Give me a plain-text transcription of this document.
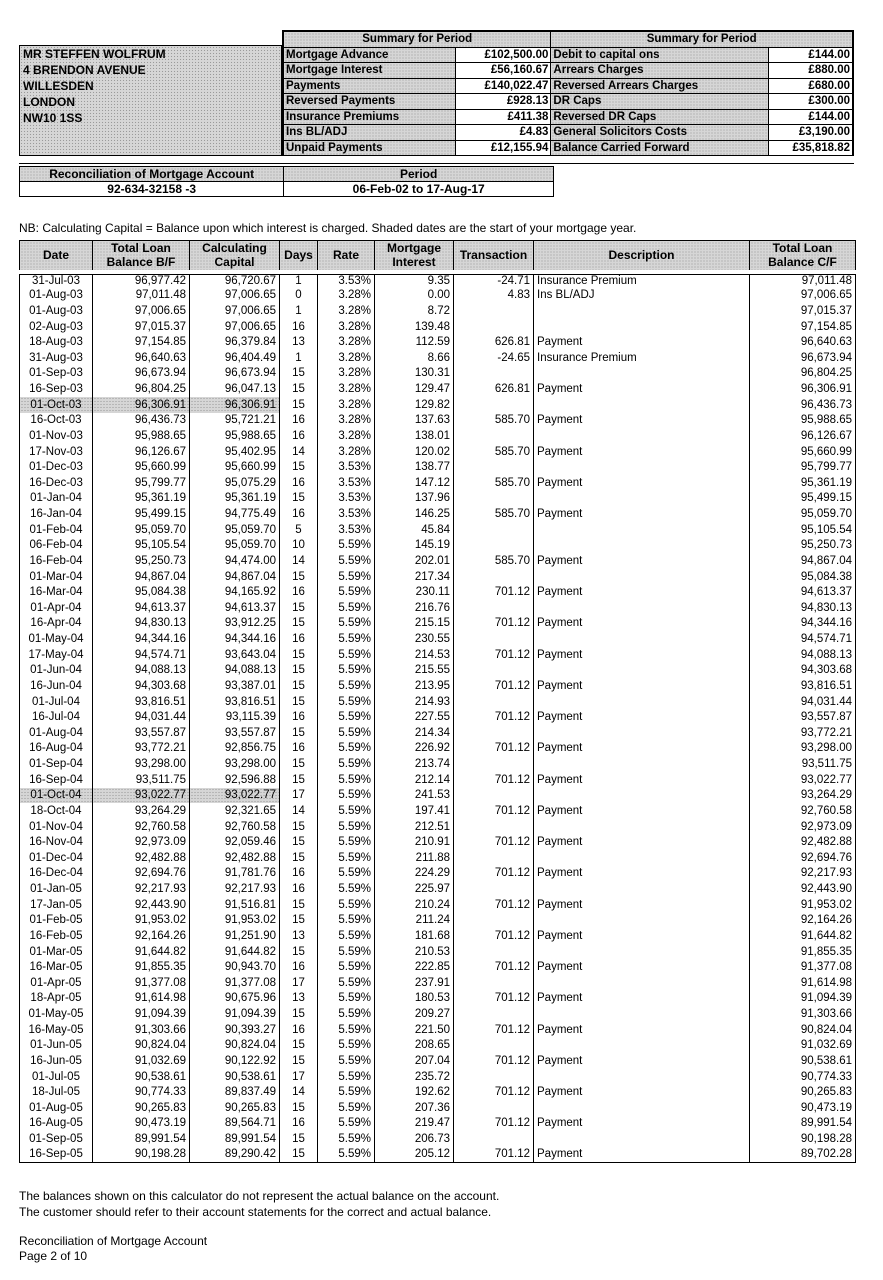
MR STEFFEN WOLFRUM
4 BRENDON AVENUE
WILLESDEN
LONDON
NW10 1SS
Summary for Period		Summary for Period	
Mortgage Advance	£102,500.00	Debit to capital ons	£144.00
Mortgage Interest	£56,160.67	Arrears Charges	£880.00
Payments	£140,022.47	Reversed Arrears Charges	£680.00
Reversed Payments	£928.13	DR Caps	£300.00
Insurance Premiums	£411.38	Reversed DR Caps	£144.00
Ins BL/ADJ	£4.83	General Solicitors Costs	£3,190.00
Unpaid Payments	£12,155.94	Balance Carried Forward	£35,818.82
Reconciliation of Mortgage Account	Period
92-634-32158 -3	06-Feb-02 to 17-Aug-17
NB: Calculating Capital = Balance upon which interest is charged. Shaded dates are the start of your mortgage year.
Date	Total Loan Balance B/F	Calculating Capital	Days	Rate	Mortgage Interest	Transaction	Description	Total Loan Balance C/F
31-Jul-03	96,977.42	96,720.67	1	3.53%	9.35	-24.71	Insurance Premium	97,011.48
01-Aug-03	97,011.48	97,006.65	0	3.28%	0.00	4.83	Ins BL/ADJ	97,006.65
01-Aug-03	97,006.65	97,006.65	1	3.28%	8.72			97,015.37
02-Aug-03	97,015.37	97,006.65	16	3.28%	139.48			97,154.85
18-Aug-03	97,154.85	96,379.84	13	3.28%	112.59	626.81	Payment	96,640.63
31-Aug-03	96,640.63	96,404.49	1	3.28%	8.66	-24.65	Insurance Premium	96,673.94
01-Sep-03	96,673.94	96,673.94	15	3.28%	130.31			96,804.25
16-Sep-03	96,804.25	96,047.13	15	3.28%	129.47	626.81	Payment	96,306.91
01-Oct-03	96,306.91	96,306.91	15	3.28%	129.82			96,436.73
16-Oct-03	96,436.73	95,721.21	16	3.28%	137.63	585.70	Payment	95,988.65
01-Nov-03	95,988.65	95,988.65	16	3.28%	138.01			96,126.67
17-Nov-03	96,126.67	95,402.95	14	3.28%	120.02	585.70	Payment	95,660.99
01-Dec-03	95,660.99	95,660.99	15	3.53%	138.77			95,799.77
16-Dec-03	95,799.77	95,075.29	16	3.53%	147.12	585.70	Payment	95,361.19
01-Jan-04	95,361.19	95,361.19	15	3.53%	137.96			95,499.15
16-Jan-04	95,499.15	94,775.49	16	3.53%	146.25	585.70	Payment	95,059.70
01-Feb-04	95,059.70	95,059.70	5	3.53%	45.84			95,105.54
06-Feb-04	95,105.54	95,059.70	10	5.59%	145.19			95,250.73
16-Feb-04	95,250.73	94,474.00	14	5.59%	202.01	585.70	Payment	94,867.04
01-Mar-04	94,867.04	94,867.04	15	5.59%	217.34			95,084.38
16-Mar-04	95,084.38	94,165.92	16	5.59%	230.11	701.12	Payment	94,613.37
01-Apr-04	94,613.37	94,613.37	15	5.59%	216.76			94,830.13
16-Apr-04	94,830.13	93,912.25	15	5.59%	215.15	701.12	Payment	94,344.16
01-May-04	94,344.16	94,344.16	16	5.59%	230.55			94,574.71
17-May-04	94,574.71	93,643.04	15	5.59%	214.53	701.12	Payment	94,088.13
01-Jun-04	94,088.13	94,088.13	15	5.59%	215.55			94,303.68
16-Jun-04	94,303.68	93,387.01	15	5.59%	213.95	701.12	Payment	93,816.51
01-Jul-04	93,816.51	93,816.51	15	5.59%	214.93			94,031.44
16-Jul-04	94,031.44	93,115.39	16	5.59%	227.55	701.12	Payment	93,557.87
01-Aug-04	93,557.87	93,557.87	15	5.59%	214.34			93,772.21
16-Aug-04	93,772.21	92,856.75	16	5.59%	226.92	701.12	Payment	93,298.00
01-Sep-04	93,298.00	93,298.00	15	5.59%	213.74			93,511.75
16-Sep-04	93,511.75	92,596.88	15	5.59%	212.14	701.12	Payment	93,022.77
01-Oct-04	93,022.77	93,022.77	17	5.59%	241.53			93,264.29
18-Oct-04	93,264.29	92,321.65	14	5.59%	197.41	701.12	Payment	92,760.58
01-Nov-04	92,760.58	92,760.58	15	5.59%	212.51			92,973.09
16-Nov-04	92,973.09	92,059.46	15	5.59%	210.91	701.12	Payment	92,482.88
01-Dec-04	92,482.88	92,482.88	15	5.59%	211.88			92,694.76
16-Dec-04	92,694.76	91,781.76	16	5.59%	224.29	701.12	Payment	92,217.93
01-Jan-05	92,217.93	92,217.93	16	5.59%	225.97			92,443.90
17-Jan-05	92,443.90	91,516.81	15	5.59%	210.24	701.12	Payment	91,953.02
01-Feb-05	91,953.02	91,953.02	15	5.59%	211.24			92,164.26
16-Feb-05	92,164.26	91,251.90	13	5.59%	181.68	701.12	Payment	91,644.82
01-Mar-05	91,644.82	91,644.82	15	5.59%	210.53			91,855.35
16-Mar-05	91,855.35	90,943.70	16	5.59%	222.85	701.12	Payment	91,377.08
01-Apr-05	91,377.08	91,377.08	17	5.59%	237.91			91,614.98
18-Apr-05	91,614.98	90,675.96	13	5.59%	180.53	701.12	Payment	91,094.39
01-May-05	91,094.39	91,094.39	15	5.59%	209.27			91,303.66
16-May-05	91,303.66	90,393.27	16	5.59%	221.50	701.12	Payment	90,824.04
01-Jun-05	90,824.04	90,824.04	15	5.59%	208.65			91,032.69
16-Jun-05	91,032.69	90,122.92	15	5.59%	207.04	701.12	Payment	90,538.61
01-Jul-05	90,538.61	90,538.61	17	5.59%	235.72			90,774.33
18-Jul-05	90,774.33	89,837.49	14	5.59%	192.62	701.12	Payment	90,265.83
01-Aug-05	90,265.83	90,265.83	15	5.59%	207.36			90,473.19
16-Aug-05	90,473.19	89,564.71	16	5.59%	219.47	701.12	Payment	89,991.54
01-Sep-05	89,991.54	89,991.54	15	5.59%	206.73			90,198.28
16-Sep-05	90,198.28	89,290.42	15	5.59%	205.12	701.12	Payment	89,702.28
The balances shown on this calculator do not represent the actual balance on the account.
The customer should refer to their account statements for the correct and actual balance.
Reconciliation of Mortgage Account
Page 2 of 10
